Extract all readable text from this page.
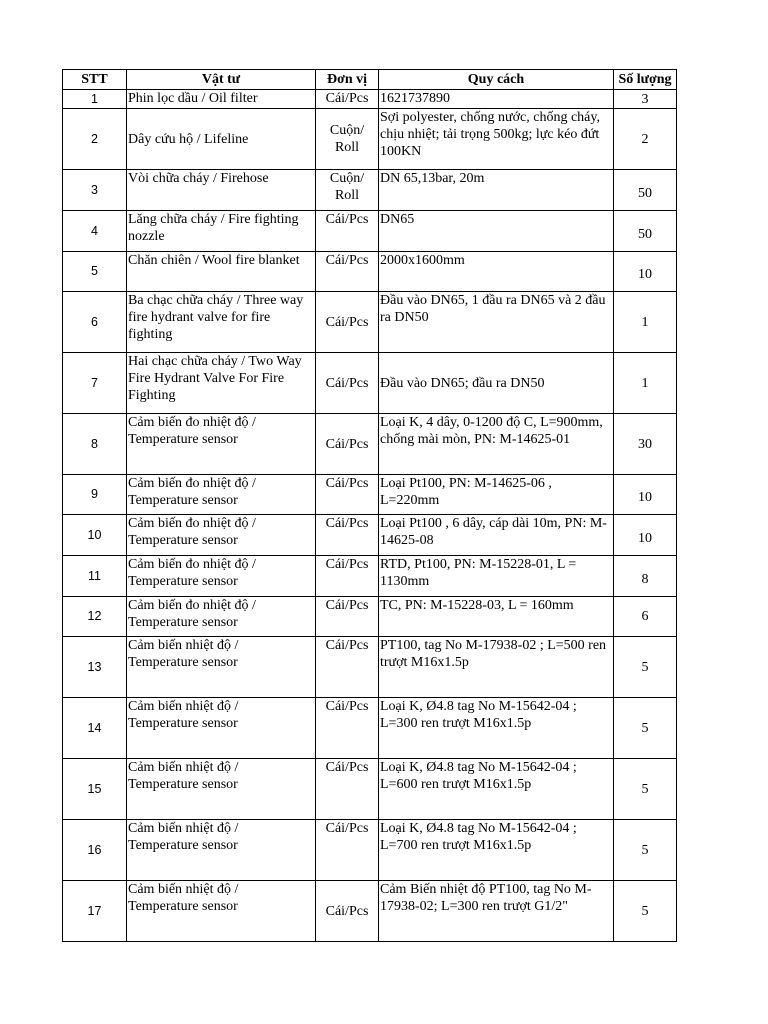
STT	Vật tư	Đơn vị	Quy cách	Số lượng
1	Phin lọc dầu / Oil filter	Cái/Pcs	1621737890	3
2	Dây cứu hộ / Lifeline	Cuộn/ Roll	Sợi polyester, chống nước, chống cháy, chịu nhiệt; tải trọng 500kg; lực kéo đứt 100KN	2
3	Vòi chữa cháy / Firehose	Cuộn/ Roll	DN 65,13bar, 20m	50
4	Lăng chữa cháy / Fire fighting nozzle	Cái/Pcs	DN65	50
5	Chăn chiên / Wool fire blanket	Cái/Pcs	2000x1600mm	10
6	Ba chạc chữa cháy / Three way fire hydrant valve for fire fighting	Cái/Pcs	Đầu vào DN65, 1 đầu ra DN65 và 2 đầu ra DN50	1
7	Hai chạc chữa cháy / Two Way Fire Hydrant Valve For Fire Fighting	Cái/Pcs	Đầu vào DN65; đầu ra DN50	1
8	Cảm biến đo nhiệt độ / Temperature sensor	Cái/Pcs	Loại K, 4 dây, 0-1200 độ C, L=900mm, chống mài mòn, PN: M-14625-01	30
9	Cảm biến đo nhiệt độ / Temperature sensor	Cái/Pcs	Loại Pt100, PN: M-14625-06 , L=220mm	10
10	Cảm biến đo nhiệt độ / Temperature sensor	Cái/Pcs	Loại Pt100 , 6 dây, cáp dài 10m, PN: M-14625-08	10
11	Cảm biến đo nhiệt độ / Temperature sensor	Cái/Pcs	RTD, Pt100, PN: M-15228-01, L = 1130mm	8
12	Cảm biến đo nhiệt độ / Temperature sensor	Cái/Pcs	TC, PN: M-15228-03, L = 160mm	6
13	Cảm biến nhiệt độ / Temperature sensor	Cái/Pcs	PT100, tag No M-17938-02 ; L=500 ren trượt M16x1.5p	5
14	Cảm biến nhiệt độ / Temperature sensor	Cái/Pcs	Loại K, Ø4.8 tag No M-15642-04 ; L=300 ren trượt M16x1.5p	5
15	Cảm biến nhiệt độ / Temperature sensor	Cái/Pcs	Loại K, Ø4.8 tag No M-15642-04 ; L=600 ren trượt M16x1.5p	5
16	Cảm biến nhiệt độ / Temperature sensor	Cái/Pcs	Loại K, Ø4.8 tag No M-15642-04 ; L=700 ren trượt M16x1.5p	5
17	Cảm biến nhiệt độ / Temperature sensor	Cái/Pcs	Cảm Biến nhiệt độ PT100, tag No M-17938-02; L=300 ren trượt G1/2"	5
